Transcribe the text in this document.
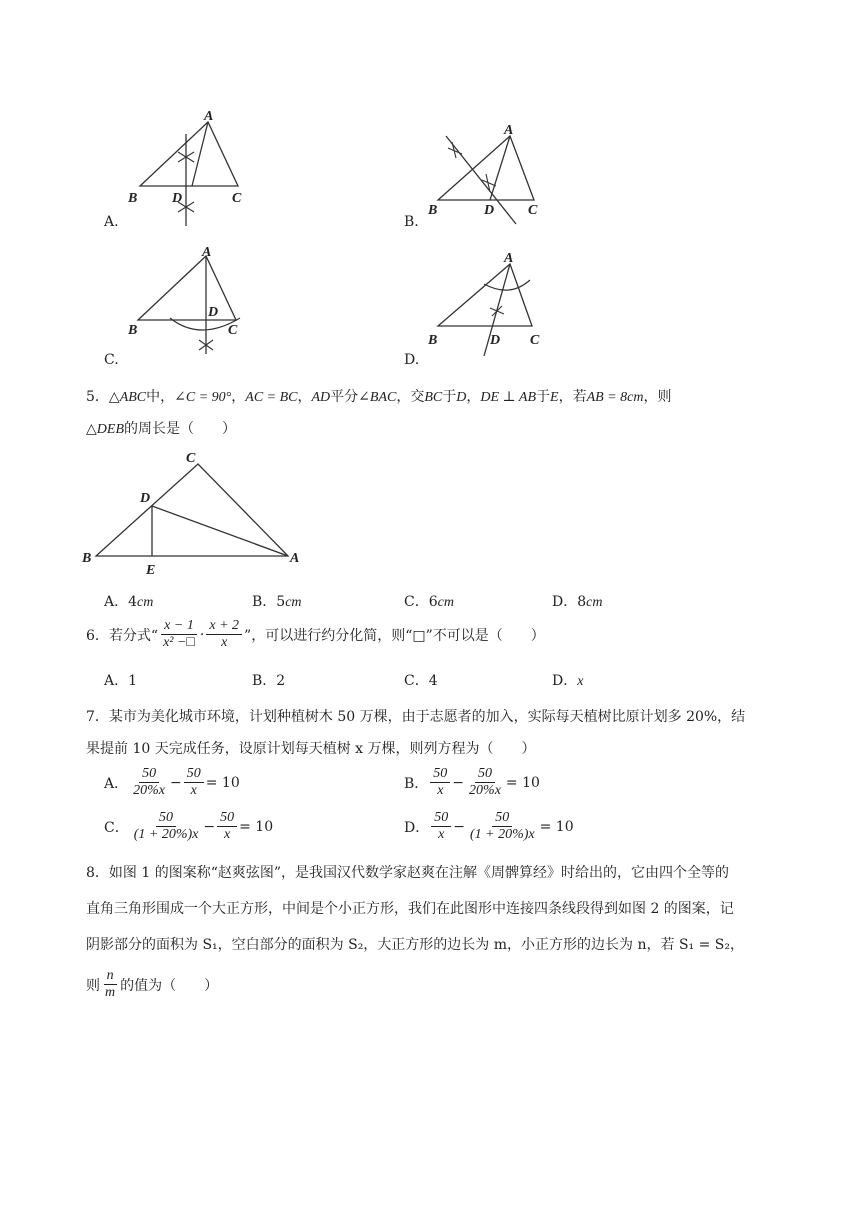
A
B	C
D
A.
A
B	C
D
B.
A
B	C
D
C.
A
B	C
D
D.
5．△ABC中，∠C = 90°，AC = BC，AD平分∠BAC，交BC于D，DE ⊥ AB于E，若AB = 8cm，则
△DEB的周长是（　　）
C
D
B	A
E
A．4cm	B．5cm	C．6cm	D．8cm
6．若分式“ $\frac{x - 1}{\text{x² −□}} \cdot \frac{x + 2}{x}$ ”，可以进行约分化简，则“□”不可以是（　　）
A．1	B．2	C．4	D．x
7．某市为美化城市环境，计划种植树木 50 万棵，由于志愿者的加入，实际每天植树比原计划多 20%，结
果提前 10 天完成任务，设原计划每天植树 x 万棵，则列方程为（　　）
A． $\frac{50}{20\%x} - \frac{50}{x} = 10$	B． $\frac{50}{x} - \frac{50}{20\%x} = 10$
C． $\frac{50}{(1 + 20\%)x} - \frac{50}{x} = 10$	D． $\frac{50}{x} - \frac{50}{(1 + 20\%)x} = 10$
8．如图 1 的图案称“赵爽弦图”，是我国汉代数学家赵爽在注解《周髀算经》时给出的，它由四个全等的
直角三角形围成一个大正方形，中间是个小正方形，我们在此图形中连接四条线段得到如图 2 的图案，记
阴影部分的面积为 S₁，空白部分的面积为 S₂，大正方形的边长为 m，小正方形的边长为 n，若 S₁ = S₂，
则 $\frac{n}{m}$ 的值为（　　）
